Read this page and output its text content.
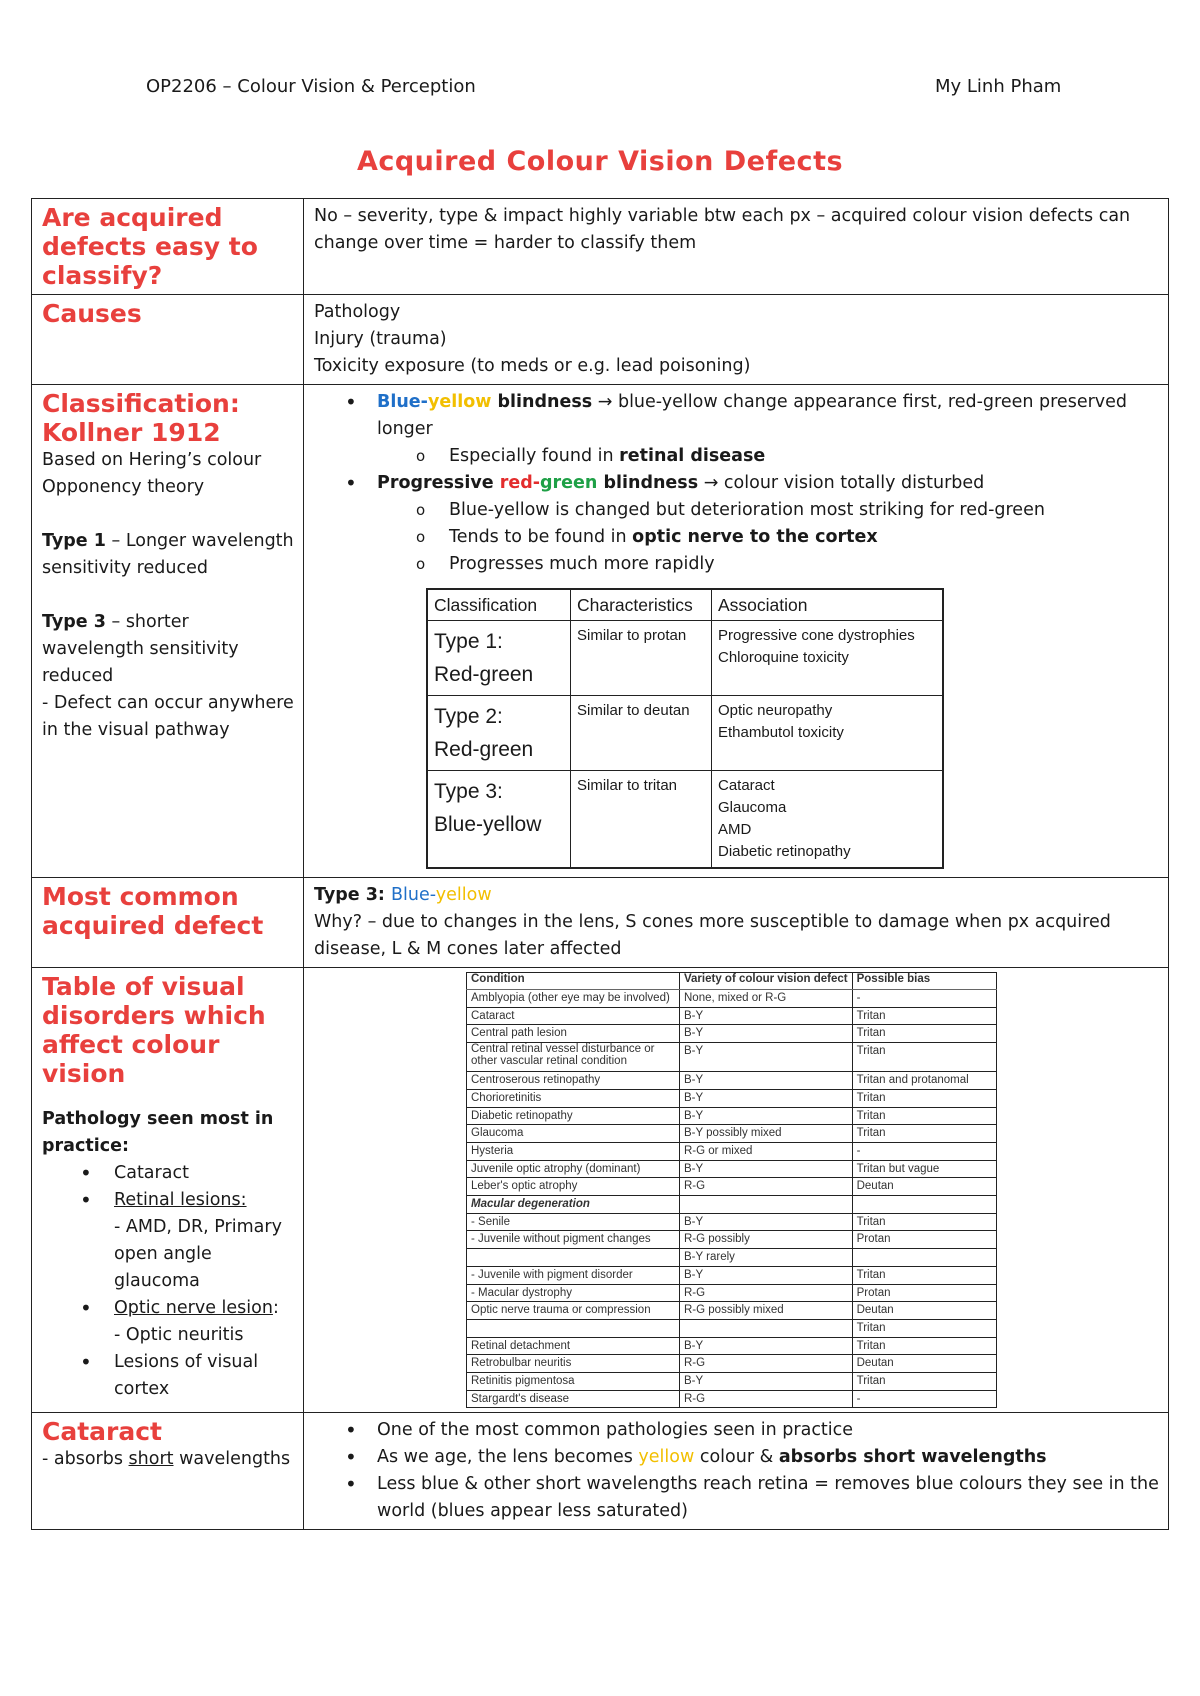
OP2206 – Colour Vision & Perception	My Linh Pham
Acquired Colour Vision Defects
Are acquired defects easy to classify?

No – severity, type & impact highly variable btw each px – acquired colour vision defects can change over time = harder to classify them

Causes	Pathology
Injury (trauma)
Toxicity exposure (to meds or e.g. lead poisoning)

Classification: Kollner 1912
Based on Hering’s colour Opponency theory
Type 1 – Longer wavelength sensitivity reduced
Type 3 – shorter wavelength sensitivity reduced
- Defect can occur anywhere in the visual pathway

• Blue-yellow blindness → blue-yellow change appearance first, red-green preserved longer
o Especially found in retinal disease
• Progressive red-green blindness → colour vision totally disturbed
o Blue-yellow is changed but deterioration most striking for red-green
o Tends to be found in optic nerve to the cortex
o Progresses much more rapidly
Classification	Characteristics	Association

Type 1:
Red-green
	Similar to protan	Progressive cone dystrophies
Chloroquine toxicity

Type 2:
Red-green
	Similar to deutan	Optic neuropathy
Ethambutol toxicity

Type 3:
Blue-yellow
	Similar to tritan	Cataract
Glaucoma
AMD
Diabetic retinopathy

Most common acquired defect

Type 3: Blue-yellow
Why? – due to changes in the lens, S cones more susceptible to damage when px acquired disease, L & M cones later affected

Table of visual disorders which affect colour vision
Pathology seen most in practice:
• Cataract
• Retinal lesions:
- AMD, DR, Primary open angle glaucoma
• Optic nerve lesion:
- Optic neuritis
• Lesions of visual cortex

Condition	Variety of colour vision defect	Possible bias
Amblyopia (other eye may be involved)	None, mixed or R-G	-
Cataract	B-Y	Tritan
Central path lesion	B-Y	Tritan
Central retinal vessel disturbance or other vascular retinal condition	B-Y	Tritan
Centroserous retinopathy	B-Y	Tritan and protanomal
Chorioretinitis	B-Y	Tritan
Diabetic retinopathy	B-Y	Tritan
Glaucoma	B-Y possibly mixed	Tritan
Hysteria	R-G or mixed	-
Juvenile optic atrophy (dominant)	B-Y	Tritan but vague
Leber's optic atrophy	R-G	Deutan
Macular degeneration		
- Senile	B-Y	Tritan
- Juvenile without pigment changes	R-G possibly	Protan
	B-Y rarely	
- Juvenile with pigment disorder	B-Y	Tritan
- Macular dystrophy	R-G	Protan
Optic nerve trauma or compression	R-G possibly mixed	Deutan
		Tritan
Retinal detachment	B-Y	Tritan
Retrobulbar neuritis	R-G	Deutan
Retinitis pigmentosa	B-Y	Tritan
Stargardt's disease	R-G	-

Cataract
- absorbs short wavelengths

• One of the most common pathologies seen in practice
• As we age, the lens becomes yellow colour & absorbs short wavelengths
• Less blue & other short wavelengths reach retina = removes blue colours they see in the world (blues appear less saturated)
